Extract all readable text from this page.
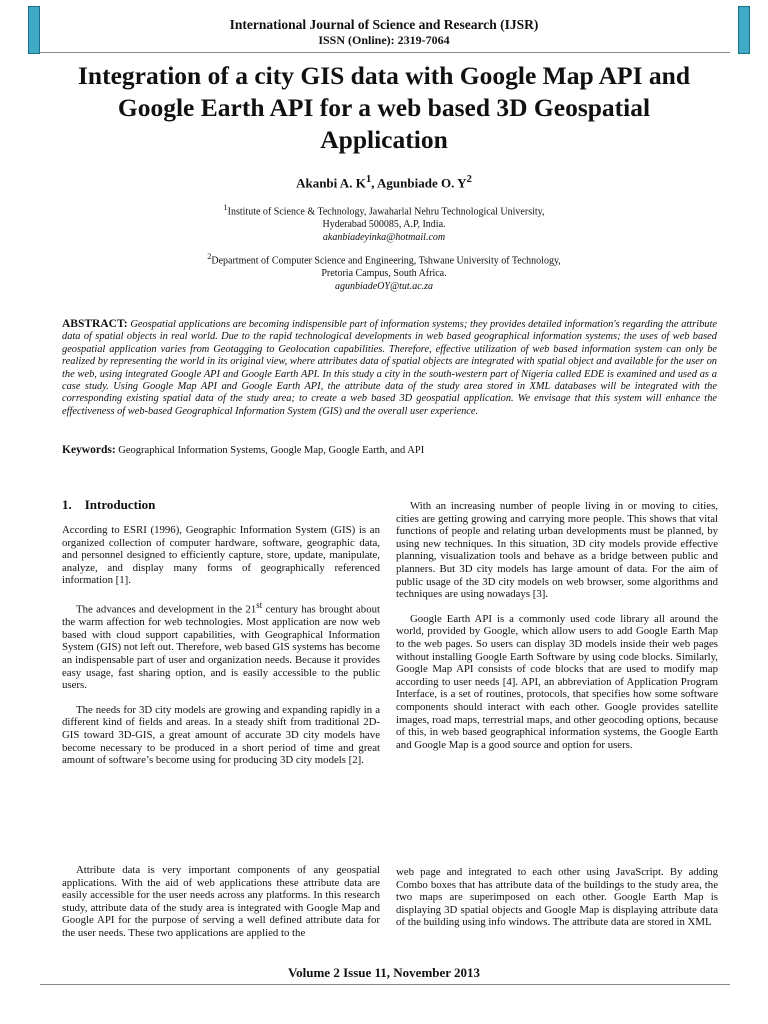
International Journal of Science and Research (IJSR)
ISSN (Online): 2319-7064
Integration of a city GIS data with Google Map API and Google Earth API for a web based 3D Geospatial Application
Akanbi A. $K^1$, Agunbiade O. $Y^2$
$^1$Institute of Science & Technology, Jawaharlal Nehru Technological University,
Hyderabad 500085, A.P, India.
akanbiadeyinka@hotmail.com
$^2$Department of Computer Science and Engineering, Tshwane University of Technology,
Pretoria Campus, South Africa.
agunbiadeOY@tut.ac.za
ABSTRACT: Geospatial applications are becoming indispensible part of information systems; they provides detailed information's regarding the attribute data of spatial objects in real world. Due to the rapid technological developments in web based geographical information systems; the uses of web based geospatial application varies from Geotagging to Geolocation capabilities. Therefore, effective utilization of web based information system can only be realized by representing the world in its original view, where attributes data of spatial objects are integrated with spatial object and available for the user on the web, using integrated Google API and Google Earth API. In this study a city in the south-western part of Nigeria called EDE is examined and used as a case study. Using Google Map API and Google Earth API, the attribute data of the study area stored in XML databases will be integrated with the corresponding existing spatial data of the study area; to create a web based 3D geospatial application. We envisage that this system will enhance the effectiveness of web-based Geographical Information System (GIS) and the overall user experience.
Keywords: Geographical Information Systems, Google Map, Google Earth, and API
1. Introduction

According to ESRI (1996), Geographic Information System (GIS) is an organized collection of computer hardware, software, geographic data, and personnel designed to efficiently capture, store, update, manipulate, analyze, and display many forms of geographically referenced information [1].

The advances and development in the 21st century has brought about the warm affection for web technologies. Most application are now web based with cloud support capabilities, with Geographical Information System (GIS) not left out. Therefore, web based GIS systems has become an indispensable part of user and organization needs. Because it provides easy usage, fast sharing option, and is easily accessible to the public users.

The needs for 3D city models are growing and expanding rapidly in a different kind of fields and areas. In a steady shift from traditional 2D-GIS toward 3D-GIS, a great amount of accurate 3D city models have become necessary to be produced in a short period of time and great amount of software’s become using for producing 3D city models [2].

With an increasing number of people living in or moving to cities, cities are getting growing and carrying more people. This shows that vital functions of people and relating urban developments must be planned, by using new techniques. In this situation, 3D city models provide effective planning, visualization tools and behave as a bridge between public and planners. But 3D city models has large amount of data. For the aim of public usage of the 3D city models on web browser, some algorithms and techniques are using nowadays [3].

Google Earth API is a commonly used code library all around the world, provided by Google, which allow users to add Google Earth Map to the web pages. So users can display 3D models inside their web pages without installing Google Earth Software by using code blocks. Similarly, Google Map API consists of code blocks that are used to modify map according to user needs [4]. API, an abbreviation of Application Program Interface, is a set of routines, protocols, that specifies how some software components should interact with each other. Google provides satellite images, road maps, terrestrial maps, and other geocoding options, because of this, in web based geographical information systems, the Google Earth and Google Map is a good source and option for users.

Attribute data is very important components of any geospatial applications. With the aid of web applications these attribute data are easily accessible for the user needs across any platforms. In this research study, attribute data of the study area is integrated with Google Map and Google API for the purpose of serving a well defined attribute data for the user needs. These two applications are applied to the

web page and integrated to each other using JavaScript. By adding Combo boxes that has attribute data of the buildings to the study area, the two maps are superimposed on each other. Google Earth Map is displaying 3D spatial objects and Google Map is displaying attribute data of the building using info windows. The attribute data are stored in XML

Volume 2 Issue 11, November 2013
